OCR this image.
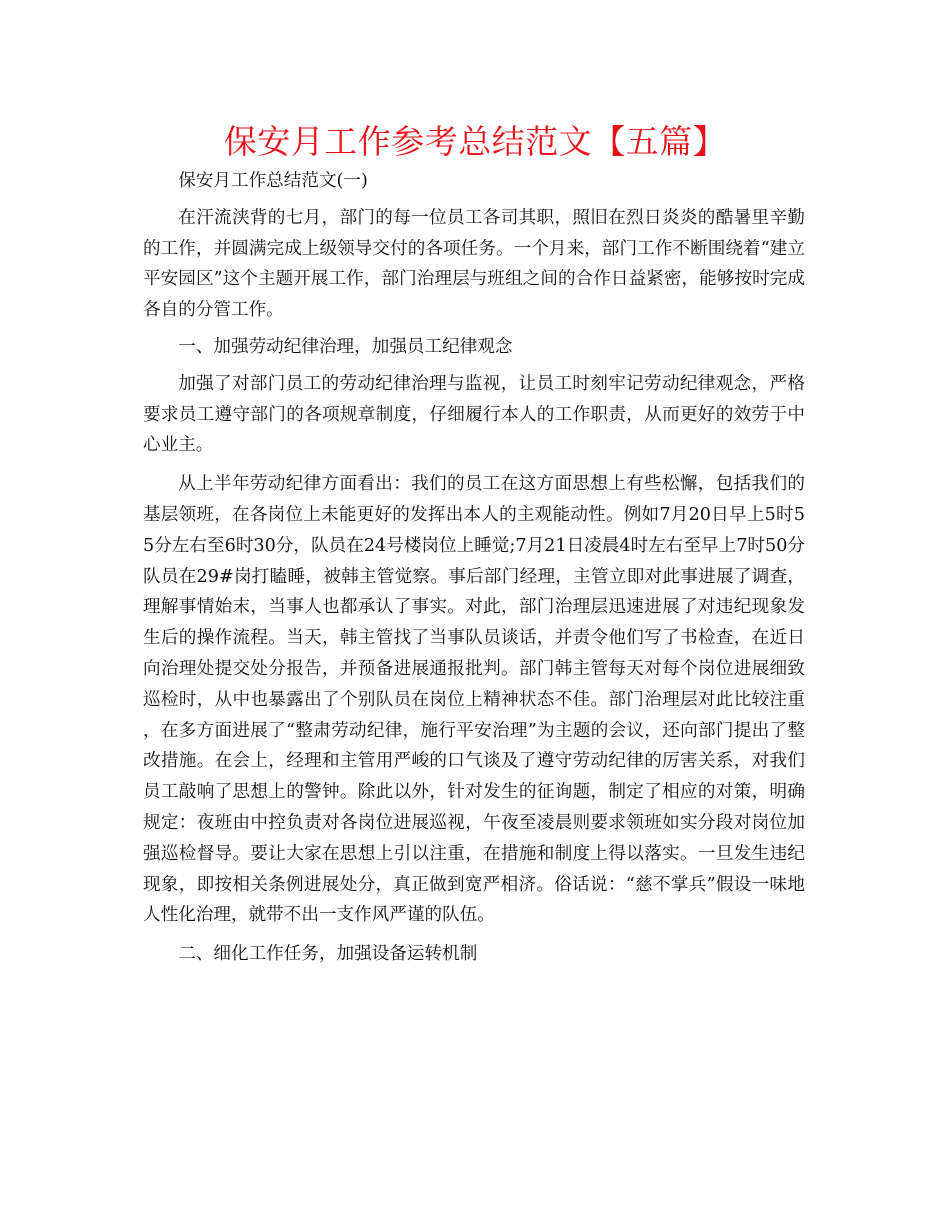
保安月工作参考总结范文【五篇】

保安月工作总结范文(一)

在汗流浃背的七月，部门的每一位员工各司其职，照旧在烈日炎炎的酷暑里辛勤的工作，并圆满完成上级领导交付的各项任务。一个月来，部门工作不断围绕着“建立平安园区”这个主题开展工作，部门治理层与班组之间的合作日益紧密，能够按时完成各自的分管工作。

一、加强劳动纪律治理，加强员工纪律观念

加强了对部门员工的劳动纪律治理与监视，让员工时刻牢记劳动纪律观念，严格要求员工遵守部门的各项规章制度，仔细履行本人的工作职责，从而更好的效劳于中心业主。

从上半年劳动纪律方面看出：我们的员工在这方面思想上有些松懈，包括我们的基层领班，在各岗位上未能更好的发挥出本人的主观能动性。例如7月20日早上5时55分左右至6时30分，队员在24号楼岗位上睡觉;7月21日凌晨4时左右至早上7时50分队员在29#岗打瞌睡，被韩主管觉察。事后部门经理，主管立即对此事进展了调查，理解事情始末，当事人也都承认了事实。对此，部门治理层迅速进展了对违纪现象发生后的操作流程。当天，韩主管找了当事队员谈话，并责令他们写了书检查，在近日向治理处提交处分报告，并预备进展通报批判。部门韩主管每天对每个岗位进展细致巡检时，从中也暴露出了个别队员在岗位上精神状态不佳。部门治理层对此比较注重，在多方面进展了“整肃劳动纪律，施行平安治理”为主题的会议，还向部门提出了整改措施。在会上，经理和主管用严峻的口气谈及了遵守劳动纪律的厉害关系，对我们员工敲响了思想上的警钟。除此以外，针对发生的征询题，制定了相应的对策，明确规定：夜班由中控负责对各岗位进展巡视，午夜至凌晨则要求领班如实分段对岗位加强巡检督导。要让大家在思想上引以注重，在措施和制度上得以落实。一旦发生违纪现象，即按相关条例进展处分，真正做到宽严相济。俗话说：“慈不掌兵”假设一味地人性化治理，就带不出一支作风严谨的队伍。

二、细化工作任务，加强设备运转机制
